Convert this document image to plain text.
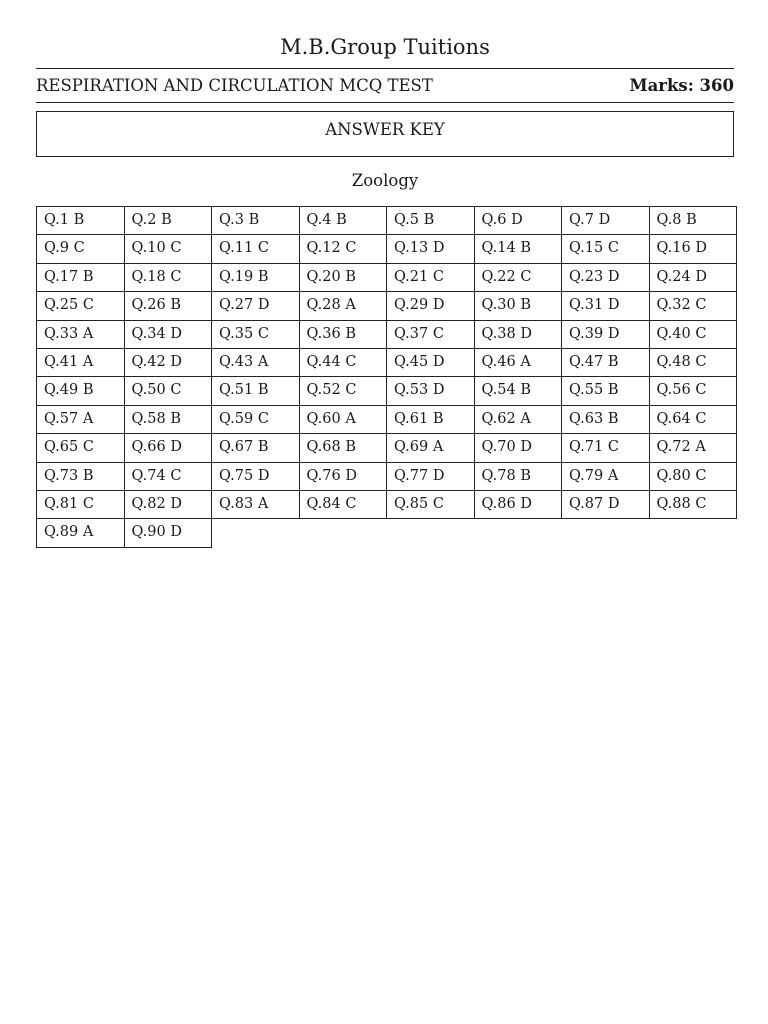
M.B.Group Tuitions
RESPIRATION AND CIRCULATION MCQ TEST	Marks: 360
ANSWER KEY
Zoology
Q.1 B	Q.2 B	Q.3 B	Q.4 B	Q.5 B	Q.6 D	Q.7 D	Q.8 B
Q.9 C	Q.10 C	Q.11 C	Q.12 C	Q.13 D	Q.14 B	Q.15 C	Q.16 D
Q.17 B	Q.18 C	Q.19 B	Q.20 B	Q.21 C	Q.22 C	Q.23 D	Q.24 D
Q.25 C	Q.26 B	Q.27 D	Q.28 A	Q.29 D	Q.30 B	Q.31 D	Q.32 C
Q.33 A	Q.34 D	Q.35 C	Q.36 B	Q.37 C	Q.38 D	Q.39 D	Q.40 C
Q.41 A	Q.42 D	Q.43 A	Q.44 C	Q.45 D	Q.46 A	Q.47 B	Q.48 C
Q.49 B	Q.50 C	Q.51 B	Q.52 C	Q.53 D	Q.54 B	Q.55 B	Q.56 C
Q.57 A	Q.58 B	Q.59 C	Q.60 A	Q.61 B	Q.62 A	Q.63 B	Q.64 C
Q.65 C	Q.66 D	Q.67 B	Q.68 B	Q.69 A	Q.70 D	Q.71 C	Q.72 A
Q.73 B	Q.74 C	Q.75 D	Q.76 D	Q.77 D	Q.78 B	Q.79 A	Q.80 C
Q.81 C	Q.82 D	Q.83 A	Q.84 C	Q.85 C	Q.86 D	Q.87 D	Q.88 C
Q.89 A	Q.90 D
